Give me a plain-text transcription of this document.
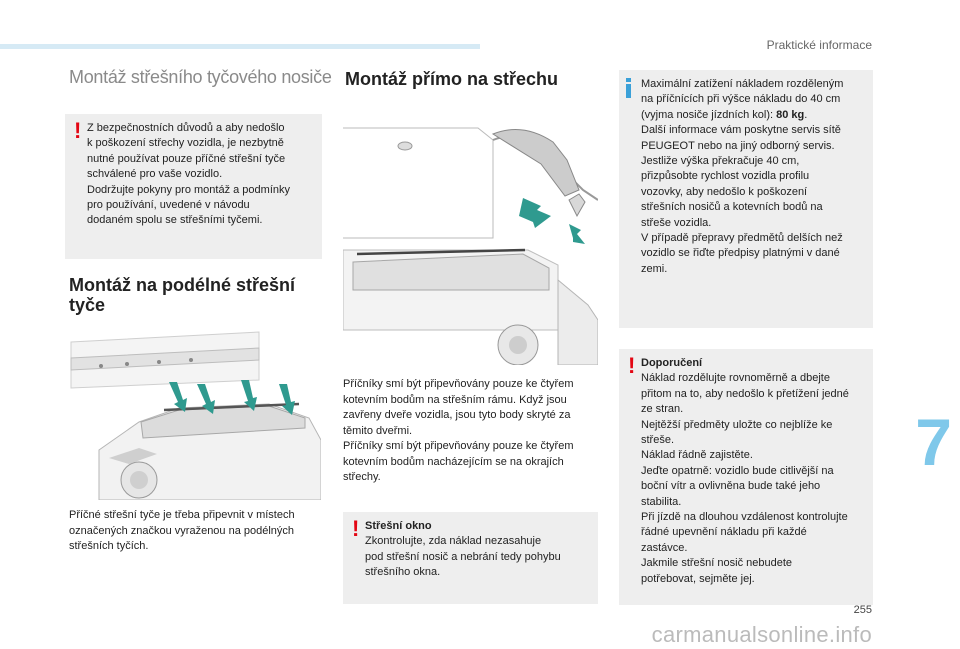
Praktické informace
Montáž střešního tyčového nosiče
! Z bezpečnostních důvodů a aby nedošlo
k poškození střechy vozidla, je nezbytně
nutné používat pouze příčné střešní tyče
schválené pro vaše vozidlo.
Dodržujte pokyny pro montáž a podmínky
pro používání, uvedené v návodu
dodaném spolu se střešními tyčemi.
Montáž na podélné střešní
tyče
Příčné střešní tyče je třeba připevnit v místech
označených značkou vyraženou na podélných
střešních tyčích.
Montáž přímo na střechu
Příčníky smí být připevňovány pouze ke čtyřem
kotevním bodům na střešním rámu. Když jsou
zavřeny dveře vozidla, jsou tyto body skryté za
těmito dveřmi.
Příčníky smí být připevňovány pouze ke čtyřem
kotevním bodům nacházejícím se na okrajích
střechy.
! Střešní okno
Zkontrolujte, zda náklad nezasahuje
pod střešní nosič a nebrání tedy pohybu
střešního okna.
Maximální zatížení nákladem rozděleným
na příčnících při výšce nákladu do 40 cm
(vyjma nosiče jízdních kol): 80 kg.
Další informace vám poskytne servis sítě
PEUGEOT nebo na jiný odborný servis.
Jestliže výška překračuje 40 cm,
přizpůsobte rychlost vozidla profilu
vozovky, aby nedošlo k poškození
střešních nosičů a kotevních bodů na
střeše vozidla.
V případě přepravy předmětů delších než
vozidlo se řiďte předpisy platnými v dané
zemi.
! Doporučení
Náklad rozdělujte rovnoměrně a dbejte
přitom na to, aby nedošlo k přetížení jedné
ze stran.
Nejtěžší předměty uložte co nejblíže ke
střeše.
Náklad řádně zajistěte.
Jeďte opatrně: vozidlo bude citlivější na
boční vítr a ovlivněna bude také jeho
stabilita.
Při jízdě na dlouhou vzdálenost kontrolujte
řádné upevnění nákladu při každé
zastávce.
Jakmile střešní nosič nebudete
potřebovat, sejměte jej.
7
255
carmanualsonline.info
